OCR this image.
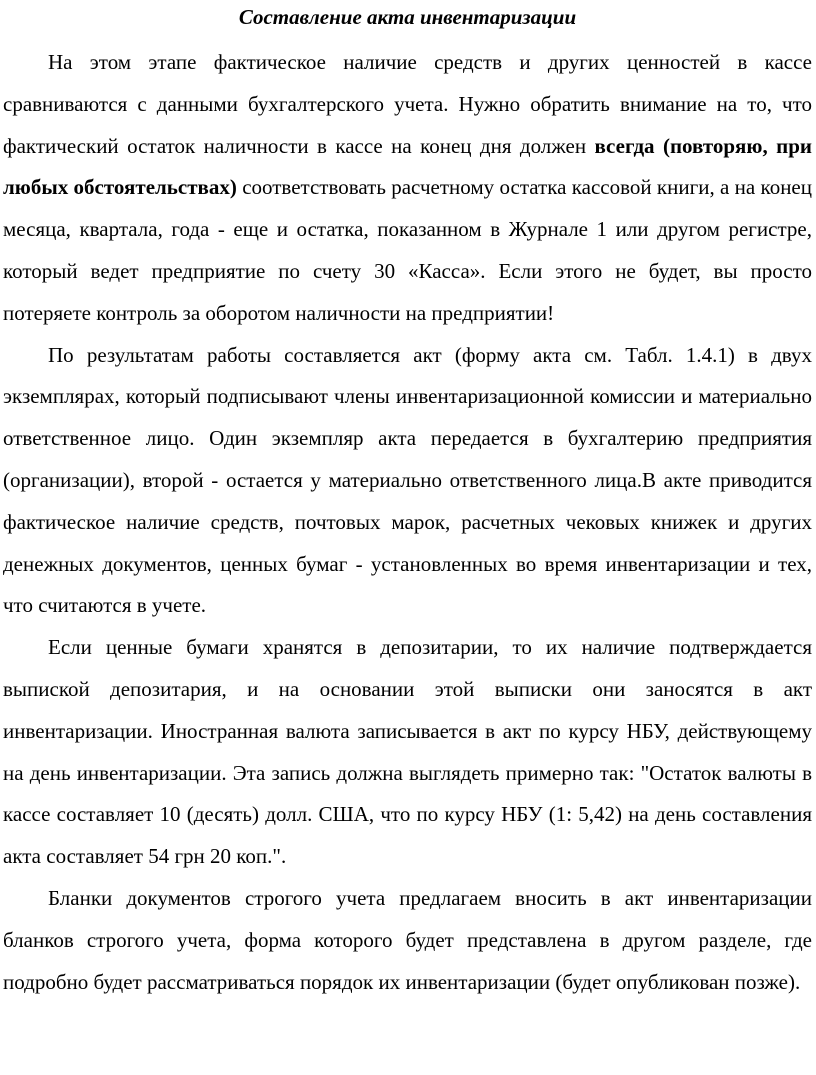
Составление акта инвентаризации

На этом этапе фактическое наличие средств и других ценностей в кассе сравниваются с данными бухгалтерского учета. Нужно обратить внимание на то, что фактический остаток наличности в кассе на конец дня должен всегда (повторяю, при любых обстоятельствах) соответствовать расчетному остатка кассовой книги, а на конец месяца, квартала, года - еще и остатка, показанном в Журнале 1 или другом регистре, который ведет предприятие по счету 30 «Касса». Если этого не будет, вы просто потеряете контроль за оборотом наличности на предприятии!

По результатам работы составляется акт (форму акта см. Табл. 1.4.1) в двух экземплярах, который подписывают члены инвентаризационной комиссии и материально ответственное лицо. Один экземпляр акта передается в бухгалтерию предприятия (организации), второй - остается у материально ответственного лица.В акте приводится фактическое наличие средств, почтовых марок, расчетных чековых книжек и других денежных документов, ценных бумаг - установленных во время инвентаризации и тех, что считаются в учете.

Если ценные бумаги хранятся в депозитарии, то их наличие подтверждается выпиской депозитария, и на основании этой выписки они заносятся в акт инвентаризации. Иностранная валюта записывается в акт по курсу НБУ, действующему на день инвентаризации. Эта запись должна выглядеть примерно так: "Остаток валюты в кассе составляет 10 (десять) долл. США, что по курсу НБУ (1: 5,42) на день составления акта составляет 54 грн 20 коп.".

Бланки документов строгого учета предлагаем вносить в акт инвентаризации бланков строгого учета, форма которого будет представлена в другом разделе, где подробно будет рассматриваться порядок их инвентаризации (будет опубликован позже).
